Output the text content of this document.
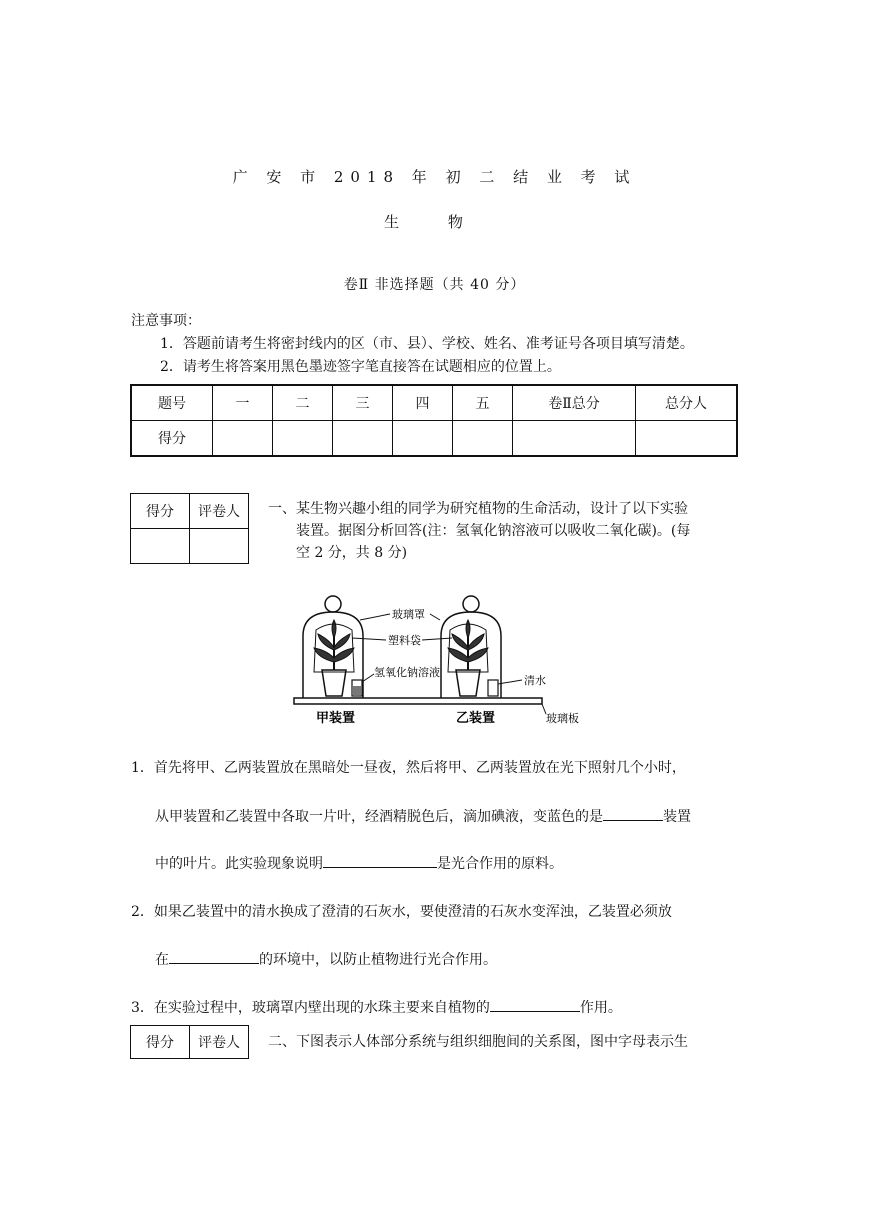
广 安 市 2018 年 初 二 结 业 考 试
生 物
卷Ⅱ 非选择题（共 40 分）
注意事项：
1．答题前请考生将密封线内的区（市、县）、学校、姓名、准考证号各项目填写清楚。
2．请考生将答案用黑色墨迹签字笔直接答在试题相应的位置上。
题号	一	二	三	四	五	卷Ⅱ总分	总分人
得分							
得分	评卷人
	一、某生物兴趣小组的同学为研究植物的生命活动，设计了以下实验
装置。据图分析回答(注：氢氧化钠溶液可以吸收二氧化碳)。(每
空 2 分，共 8 分)
玻璃罩
塑料袋
氢氧化钠溶液
清水
玻璃板
甲装置	乙装置
1．首先将甲、乙两装置放在黑暗处一昼夜，然后将甲、乙两装置放在光下照射几个小时，
从甲装置和乙装置中各取一片叶，经酒精脱色后，滴加碘液，变蓝色的是	装置
中的叶片。此实验现象说明	是光合作用的原料。
2．如果乙装置中的清水换成了澄清的石灰水，要使澄清的石灰水变浑浊，乙装置必须放
在	的环境中，以防止植物进行光合作用。
3．在实验过程中，玻璃罩内壁出现的水珠主要来自植物的	作用。
得分	评卷人 二、下图表示人体部分系统与组织细胞间的关系图，图中字母表示生
